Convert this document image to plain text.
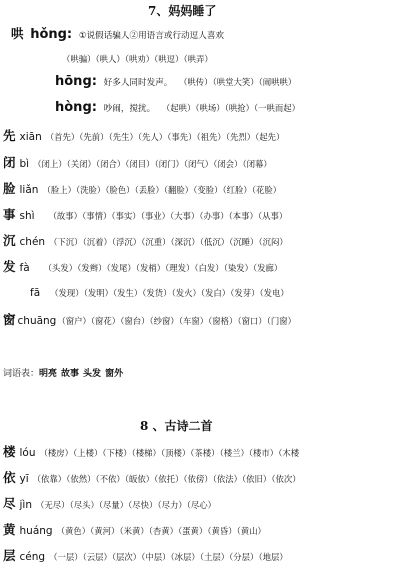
7、妈妈睡了
哄 hǒng: ①说假话骗人②用语言或行动逗人喜欢
（哄骗）（哄人）（哄劝）（哄逗）（哄弄）
hōng: 好多人同时发声。 （哄传）（哄堂大笑）（闹哄哄）
hòng: 吵闹，搅扰。 （起哄）（哄场）（哄抢）（一哄而起）
先 xiān （首先）（先前）（先生）（先人）（事先）（祖先）（先烈）（起先）
闭 bì （闭上）（关闭）（闭合）（闭目）（闭门）（闭气）（闭会）（闭幕）
脸 liǎn （脸上）（洗脸）（脸色）（丢脸）（翻脸）（变脸）（红脸）（花脸）
事 shì （故事）（事情）（事实）（事业）（大事）（办事）（本事）（从事）
沉 chén （下沉）（沉着）（浮沉）（沉重）（深沉）（低沉）（沉睡）（沉闷）
发 fà （头发）（发辫）（发尾）（发梢）（理发）（白发）（染发）（发廊）
fā （发现）（发明）（发生）（发货）（发火）（发白）（发芽）（发电）
窗 chuāng（窗户）（窗花）（窗台）（纱窗）（车窗）（窗格）（窗口）（门窗）
词语表：明亮 故事 头发 窗外
8 、古诗二首
楼 lóu （楼房）（上楼）（下楼）（楼梯）（顶楼）（茶楼）（楼兰）（楼市）（木楼
依 yī （依靠）（依然）（不依）（皈依）（依托）（依傍）（依法）（依旧）（依次）
尽 jìn （无尽）（尽头）（尽量）（尽快）（尽力）（尽心）
黄 huáng （黄色）（黄河）（米黄）（杏黄）（蛋黄）（黄昏）（黄山）
层 céng （一层）（云层）（层次）（中层）（冰层）（土层）（分层）（地层）
